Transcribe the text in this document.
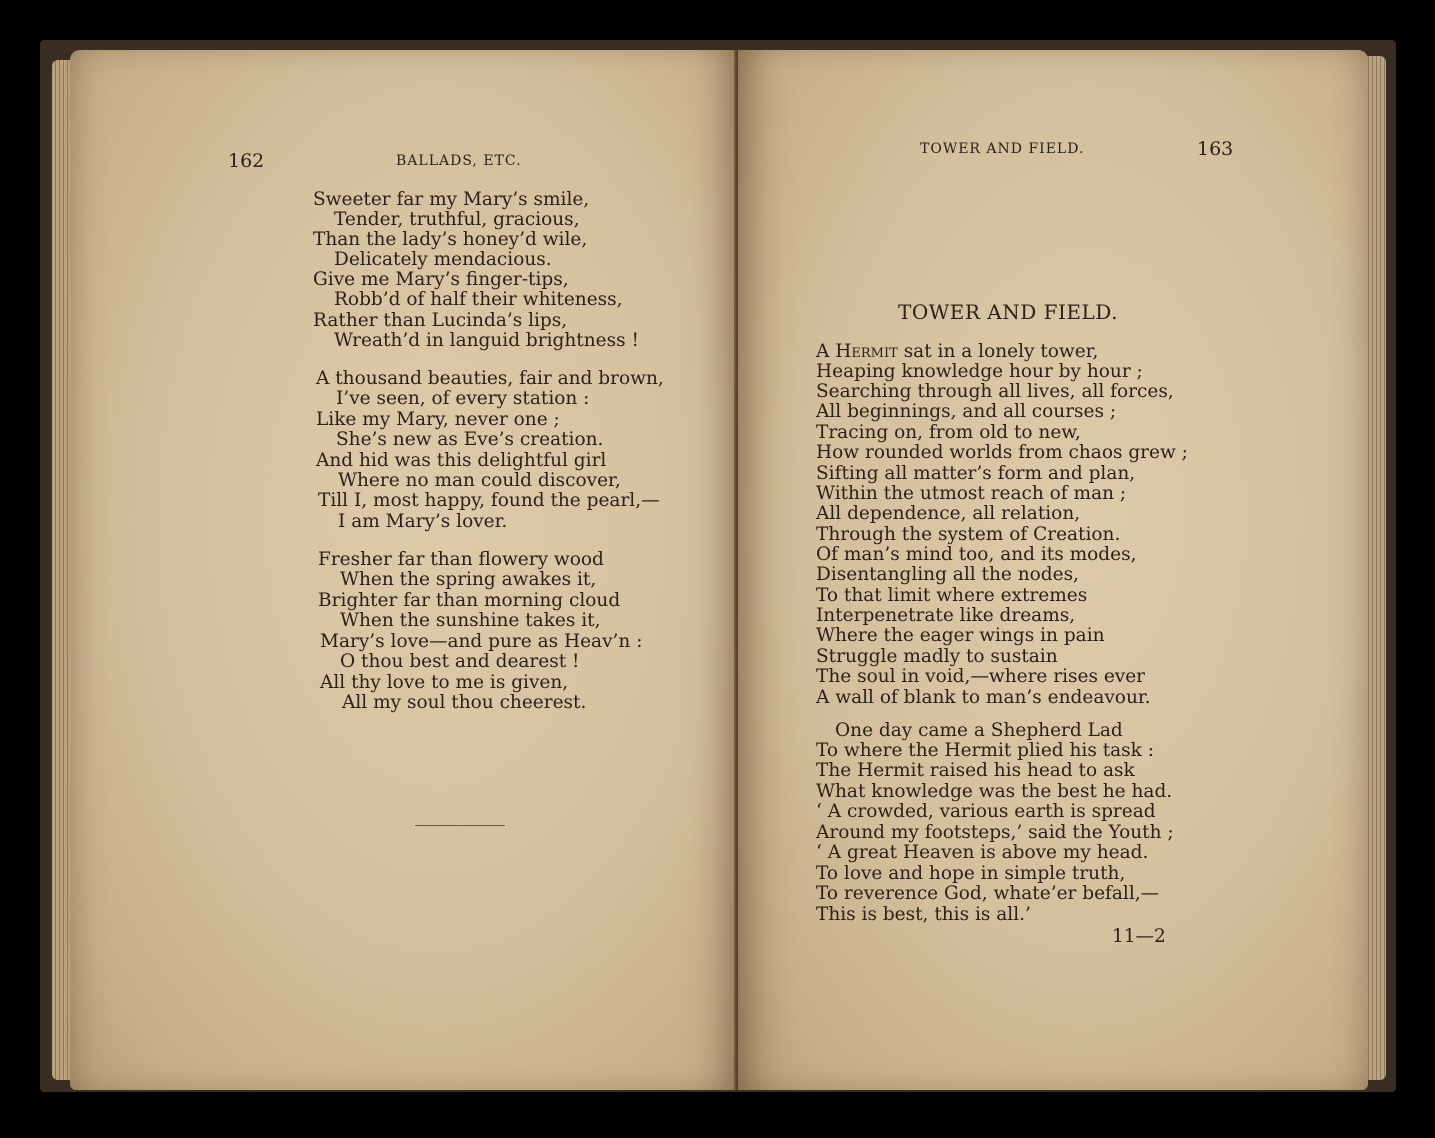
162	BALLADS, ETC.
Sweeter far my Mary’s smile,
Tender, truthful, gracious,
Than the lady’s honey’d wile,
Delicately mendacious.
Give me Mary’s finger-tips,
Robb’d of half their whiteness,
Rather than Lucinda’s lips,
Wreath’d in languid brightness !
A thousand beauties, fair and brown,
I’ve seen, of every station :
Like my Mary, never one ;
She’s new as Eve’s creation.
And hid was this delightful girl
Where no man could discover,
Till I, most happy, found the pearl,—
I am Mary’s lover.
Fresher far than flowery wood
When the spring awakes it,
Brighter far than morning cloud
When the sunshine takes it,
Mary’s love—and pure as Heav’n :
O thou best and dearest !
All thy love to me is given,
All my soul thou cheerest.
TOWER AND FIELD.	163
TOWER AND FIELD.
A Hermit sat in a lonely tower,
Heaping knowledge hour by hour ;
Searching through all lives, all forces,
All beginnings, and all courses ;
Tracing on, from old to new,
How rounded worlds from chaos grew ;
Sifting all matter’s form and plan,
Within the utmost reach of man ;
All dependence, all relation,
Through the system of Creation.
Of man’s mind too, and its modes,
Disentangling all the nodes,
To that limit where extremes
Interpenetrate like dreams,
Where the eager wings in pain
Struggle madly to sustain
The soul in void,—where rises ever
A wall of blank to man’s endeavour.
One day came a Shepherd Lad
To where the Hermit plied his task :
The Hermit raised his head to ask
What knowledge was the best he had.
‘ A crowded, various earth is spread
Around my footsteps,’ said the Youth ;
‘ A great Heaven is above my head.
To love and hope in simple truth,
To reverence God, whate’er befall,—
This is best, this is all.’
11—2
